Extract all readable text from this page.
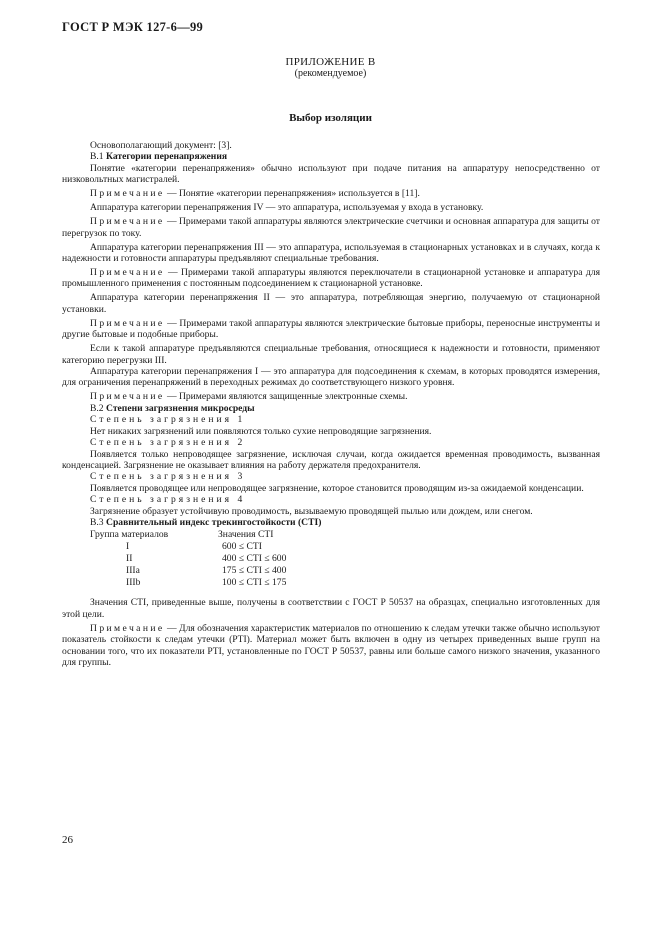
ГОСТ Р МЭК 127-6—99
ПРИЛОЖЕНИЕ В
(рекомендуемое)
Выбор изоляции

Основополагающий документ: [3].

В.1 Категории перенапряжения

Понятие «категории перенапряжения» обычно используют при подаче питания на аппаратуру непосредственно от низковольтных магистралей.

Примечание — Понятие «категории перенапряжения» используется в [11].

Аппаратура категории перенапряжения IV — это аппаратура, используемая у входа в установку.

Примечание — Примерами такой аппаратуры являются электрические счетчики и основная аппаратура для защиты от перегрузок по току.

Аппаратура категории перенапряжения III — это аппаратура, используемая в стационарных установках и в случаях, когда к надежности и готовности аппаратуры предъявляют специальные требования.

Примечание — Примерами такой аппаратуры являются переключатели в стационарной установке и аппаратура для промышленного применения с постоянным подсоединением к стационарной установке.

Аппаратура категории перенапряжения II — это аппаратура, потребляющая энергию, получаемую от стационарной установки.

Примечание — Примерами такой аппаратуры являются электрические бытовые приборы, переносные инструменты и другие бытовые и подобные приборы.

Если к такой аппаратуре предъявляются специальные требования, относящиеся к надежности и готовности, применяют категорию перегрузки III.

Аппаратура категории перенапряжения I — это аппаратура для подсоединения к схемам, в которых проводятся измерения, для ограничения перенапряжений в переходных режимах до соответствующего низкого уровня.

Примечание — Примерами являются защищенные электронные схемы.

В.2 Степени загрязнения микросреды

Степень загрязнения 1

Нет никаких загрязнений или появляются только сухие непроводящие загрязнения.

Степень загрязнения 2

Появляется только непроводящее загрязнение, исключая случаи, когда ожидается временная проводимость, вызванная конденсацией. Загрязнение не оказывает влияния на работу держателя предохранителя.

Степень загрязнения 3

Появляется проводящее или непроводящее загрязнение, которое становится проводящим из-за ожидаемой конденсации.

Степень загрязнения 4

Загрязнение образует устойчивую проводимость, вызываемую проводящей пылью или дождем, или снегом.

В.3 Сравнительный индекс трекингостойкости (CTI)

Группа материалов	Значения CTI
I	600 ≤ CTI
II	400 ≤ CTI ≤ 600
IIIa	175 ≤ CTI ≤ 400
IIIb	100 ≤ CTI ≤ 175

Значения CTI, приведенные выше, получены в соответствии с ГОСТ Р 50537 на образцах, специально изготовленных для этой цели.

Примечание — Для обозначения характеристик материалов по отношению к следам утечки также обычно используют показатель стойкости к следам утечки (PTI). Материал может быть включен в одну из четырех приведенных выше групп на основании того, что их показатели PTI, установленные по ГОСТ Р 50537, равны или больше самого низкого значения, указанного для группы.

26
